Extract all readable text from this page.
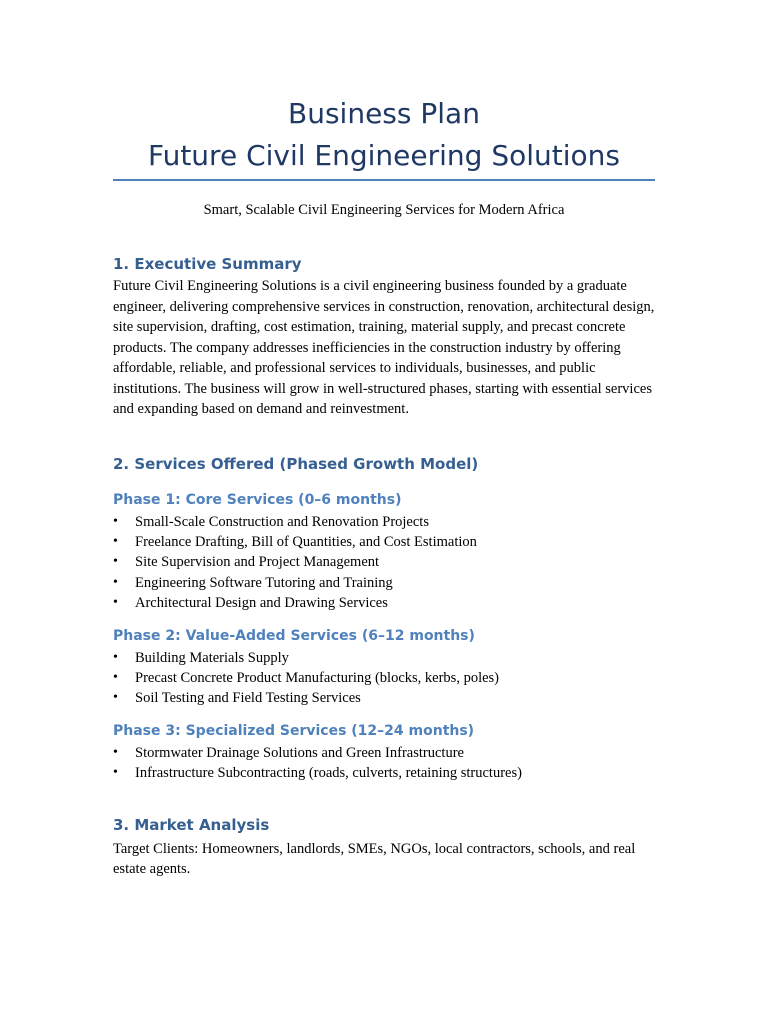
Business Plan
Future Civil Engineering Solutions
Smart, Scalable Civil Engineering Services for Modern Africa
1. Executive Summary

Future Civil Engineering Solutions is a civil engineering business founded by a graduate engineer, delivering comprehensive services in construction, renovation, architectural design, site supervision, drafting, cost estimation, training, material supply, and precast concrete products. The company addresses inefficiencies in the construction industry by offering affordable, reliable, and professional services to individuals, businesses, and public institutions. The business will grow in well-structured phases, starting with essential services and expanding based on demand and reinvestment.

2. Services Offered (Phased Growth Model)
Phase 1: Core Services (0–6 months)
• Small-Scale Construction and Renovation Projects
• Freelance Drafting, Bill of Quantities, and Cost Estimation
• Site Supervision and Project Management
• Engineering Software Tutoring and Training
• Architectural Design and Drawing Services
Phase 2: Value-Added Services (6–12 months)
• Building Materials Supply
• Precast Concrete Product Manufacturing (blocks, kerbs, poles)
• Soil Testing and Field Testing Services
Phase 3: Specialized Services (12–24 months)
• Stormwater Drainage Solutions and Green Infrastructure
• Infrastructure Subcontracting (roads, culverts, retaining structures)
3. Market Analysis

Target Clients: Homeowners, landlords, SMEs, NGOs, local contractors, schools, and real estate agents.
